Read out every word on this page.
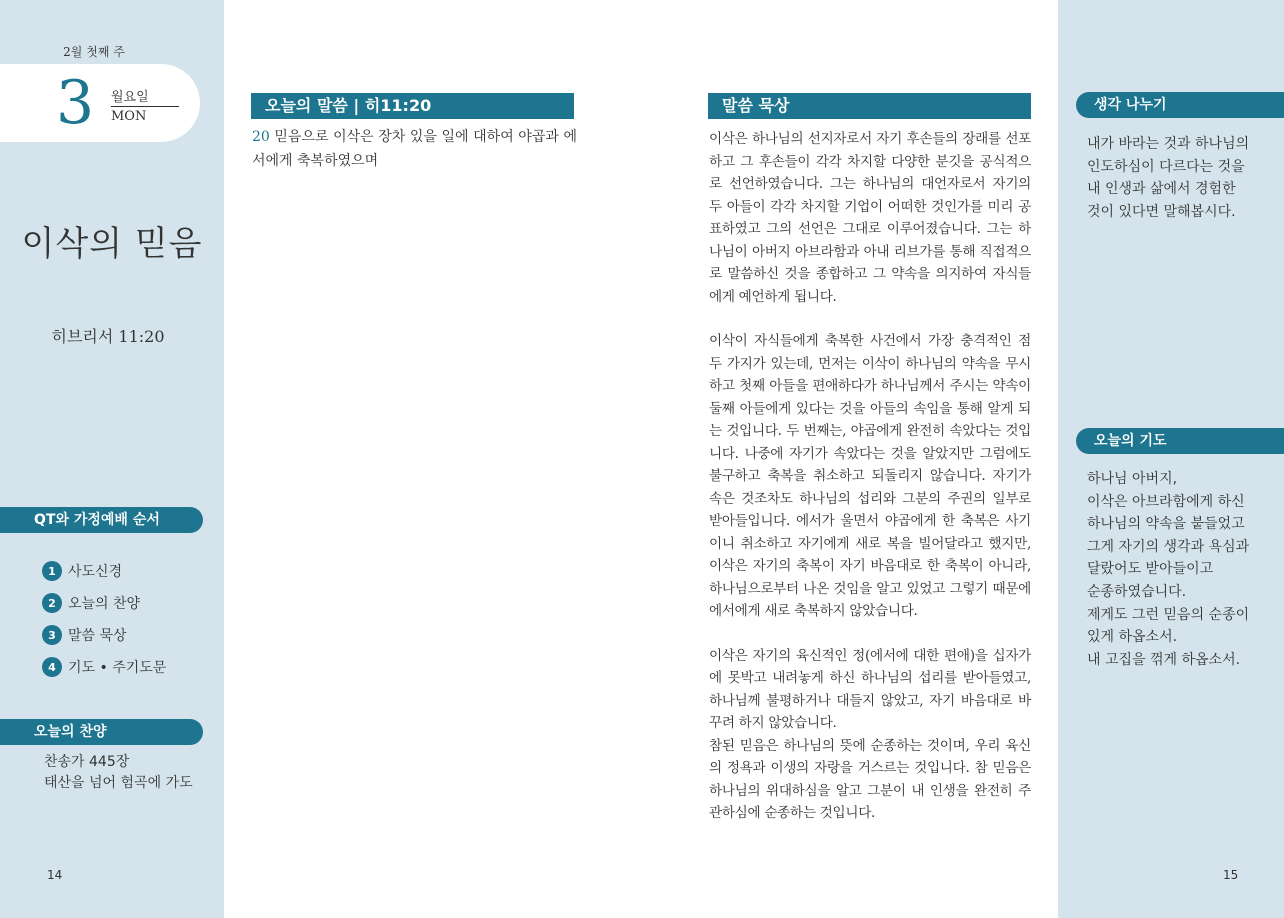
2월 첫째 주
3 월요일
MON
이삭의 믿음
히브리서 11:20
QT와 가정예배 순서
1 사도신경
2 오늘의 찬양
3 말씀 묵상
4 기도 • 주기도문
오늘의 찬양
찬송가 445장
태산을 넘어 험곡에 가도
14
오늘의 말씀 | 히11:20
20 믿음으로 이삭은 장차 있을 일에 대하여 야곱과 에서에게 축복하였으며
말씀 묵상

이삭은 하나님의 선지자로서 자기 후손들의 장래를 선포하고 그 후손들이 각각 차지할 다양한 분깃을 공식적으로 선언하였습니다. 그는 하나님의 대언자로서 자기의 두 아들이 각각 차지할 기업이 어떠한 것인가를 미리 공표하였고 그의 선언은 그대로 이루어졌습니다. 그는 하나님이 아버지 아브라함과 아내 리브가를 통해 직접적으로 말씀하신 것을 종합하고 그 약속을 의지하여 자식들에게 예언하게 됩니다.

이삭이 자식들에게 축복한 사건에서 가장 충격적인 점 두 가지가 있는데, 먼저는 이삭이 하나님의 약속을 무시하고 첫째 아들을 편애하다가 하나님께서 주시는 약속이 둘째 아들에게 있다는 것을 아들의 속임을 통해 알게 되는 것입니다. 두 번째는, 야곱에게 완전히 속았다는 것입니다. 나중에 자기가 속았다는 것을 알았지만 그럼에도 불구하고 축복을 취소하고 되돌리지 않습니다. 자기가 속은 것조차도 하나님의 섭리와 그분의 주권의 일부로 받아들입니다. 에서가 울면서 야곱에게 한 축복은 사기이니 취소하고 자기에게 새로 복을 빌어달라고 했지만, 이삭은 자기의 축복이 자기 바음대로 한 축복이 아니라, 하나님으로부터 나온 것임을 알고 있었고 그렇기 때문에 에서에게 새로 축복하지 않았습니다.

이삭은 자기의 육신적인 정(에서에 대한 편애)을 십자가에 못박고 내려놓게 하신 하나님의 섭리를 받아들였고, 하나님께 불평하거나 대들지 않았고, 자기 바음대로 바꾸려 하지 않았습니다.

참된 믿음은 하나님의 뜻에 순종하는 것이며, 우리 육신의 정욕과 이생의 자랑을 거스르는 것입니다. 참 믿음은 하나님의 위대하심을 알고 그분이 내 인생을 완전히 주관하심에 순종하는 것입니다.

생각 나누기
내가 바라는 것과 하나님의
인도하심이 다르다는 것을
내 인생과 삶에서 경험한
것이 있다면 말해봅시다.
오늘의 기도
하나님 아버지,
이삭은 아브라함에게 하신
하나님의 약속을 붙들었고
그게 자기의 생각과 욕심과
달랐어도 받아들이고
순종하였습니다.
제게도 그런 믿음의 순종이
있게 하옵소서.
내 고집을 꺾게 하옵소서.
15
